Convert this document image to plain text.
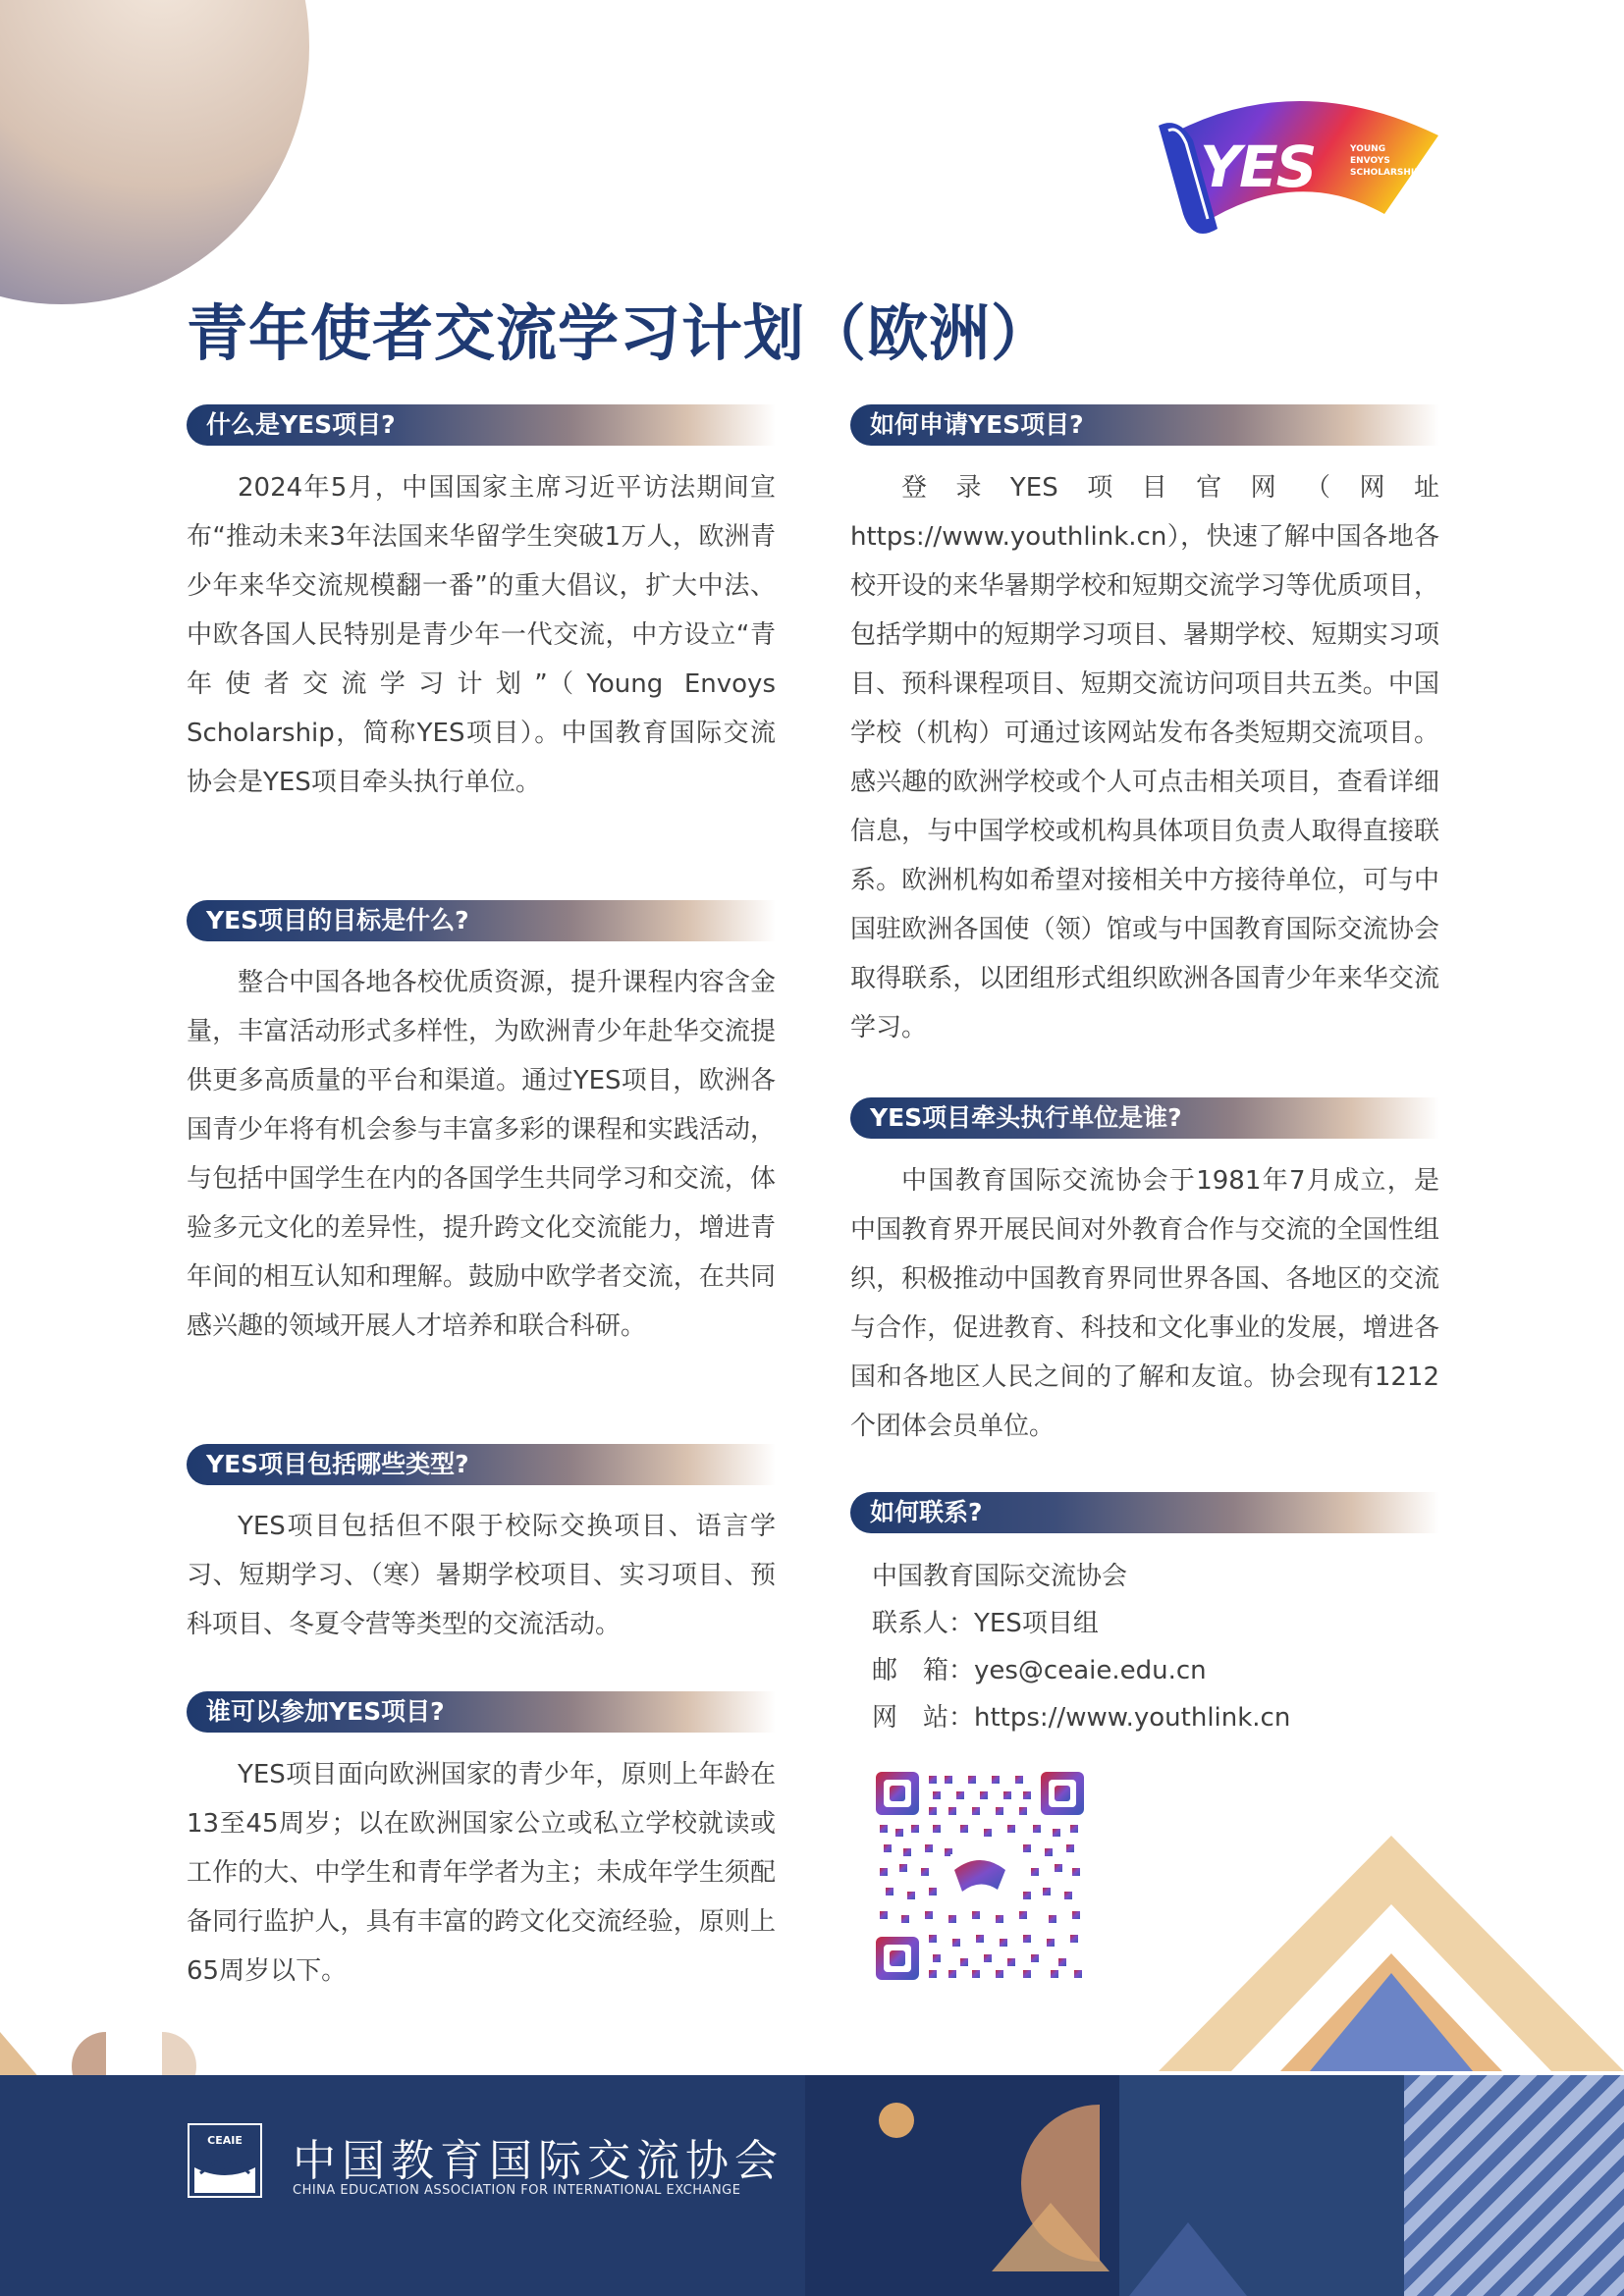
YES	YOUNG
ENVOYS
SCHOLARSHIP
青年使者交流学习计划（欧洲）
什么是YES项目?

2024年5月，中国国家主席习近平访法期间宣布“推动未来3年法国来华留学生突破1万人，欧洲青少年来华交流规模翻一番”的重大倡议，扩大中法、中欧各国人民特别是青少年一代交流，中方设立“青年使者交流学习计划”（Young Envoys Scholarship，简称YES项目）。中国教育国际交流协会是YES项目牵头执行单位。

YES项目的目标是什么?

整合中国各地各校优质资源，提升课程内容含金量，丰富活动形式多样性，为欧洲青少年赴华交流提供更多高质量的平台和渠道。通过YES项目，欧洲各国青少年将有机会参与丰富多彩的课程和实践活动，与包括中国学生在内的各国学生共同学习和交流，体验多元文化的差异性，提升跨文化交流能力，增进青年间的相互认知和理解。鼓励中欧学者交流，在共同感兴趣的领域开展人才培养和联合科研。

YES项目包括哪些类型?

YES项目包括但不限于校际交换项目、语言学习、短期学习、（寒）暑期学校项目、实习项目、预科项目、冬夏令营等类型的交流活动。

谁可以参加YES项目?

YES项目面向欧洲国家的青少年，原则上年龄在13至45周岁；以在欧洲国家公立或私立学校就读或工作的大、中学生和青年学者为主；未成年学生须配备同行监护人，具有丰富的跨文化交流经验，原则上65周岁以下。

如何申请YES项目?

登录YES项目官网（网址https://www.youthlink.cn），快速了解中国各地各校开设的来华暑期学校和短期交流学习等优质项目，包括学期中的短期学习项目、暑期学校、短期实习项目、预科课程项目、短期交流访问项目共五类。中国学校（机构）可通过该网站发布各类短期交流项目。感兴趣的欧洲学校或个人可点击相关项目，查看详细信息，与中国学校或机构具体项目负责人取得直接联系。欧洲机构如希望对接相关中方接待单位，可与中国驻欧洲各国使（领）馆或与中国教育国际交流协会取得联系，以团组形式组织欧洲各国青少年来华交流学习。

YES项目牵头执行单位是谁?

中国教育国际交流协会于1981年7月成立，是中国教育界开展民间对外教育合作与交流的全国性组织，积极推动中国教育界同世界各国、各地区的交流与合作，促进教育、科技和文化事业的发展，增进各国和各地区人民之间的了解和友谊。协会现有1212个团体会员单位。

如何联系?
中国教育国际交流协会
联系人：YES项目组
邮　箱：yes@ceaie.edu.cn
网　站：https://www.youthlink.cn
CEAIE 中国教育国际交流协会
CHINA EDUCATION ASSOCIATION FOR INTERNATIONAL EXCHANGE
